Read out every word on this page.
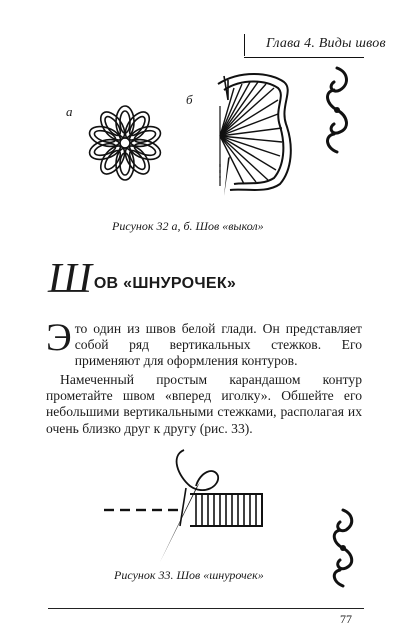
Глава 4. Виды швов
а
б
Рисунок 32 а, б. Шов «выкол»
Ш ОВ «ШНУРОЧЕК»

Это один из швов белой глади. Он представляет собой ряд вертикальных стежков. Его применяют для оформления контуров.

Намеченный простым карандашом контур прометайте швом «вперед иголку». Обшейте его небольшими вертикальными стежками, располагая их очень близко друг к другу (рис. 33).

Рисунок 33. Шов «шнурочек»
77
